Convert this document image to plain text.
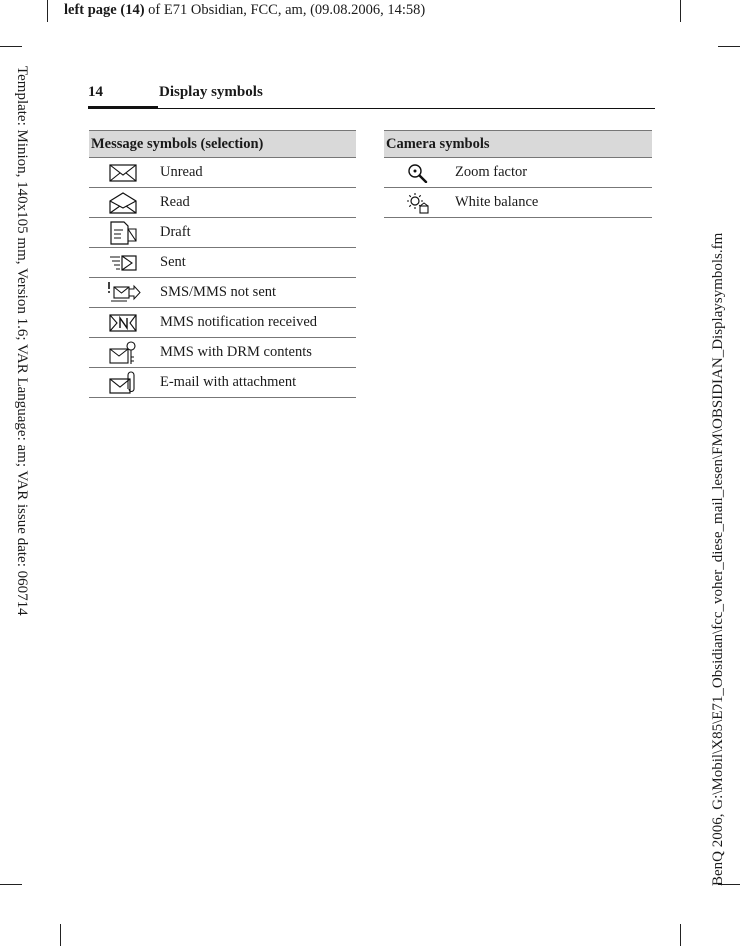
left page (14) of E71 Obsidian, FCC, am, (09.08.2006, 14:58)
Template: Minion, 140x105 mm, Version 1.6; VAR Language: am; VAR issue date: 060714	BenQ 2006, G:\Mobil\X85\E71_Obsidian\fcc_voher_diese_mail_lesen\FM\OBSIDIAN_Displaysymbols.fm
14	Display symbols
Message symbols (selection)	

	Unread

	Read

	Draft

	Sent

	SMS/MMS not sent

	MMS notification received

	MMS with DRM contents

	E-mail with attachment
Camera symbols	

	Zoom factor

	White balance
